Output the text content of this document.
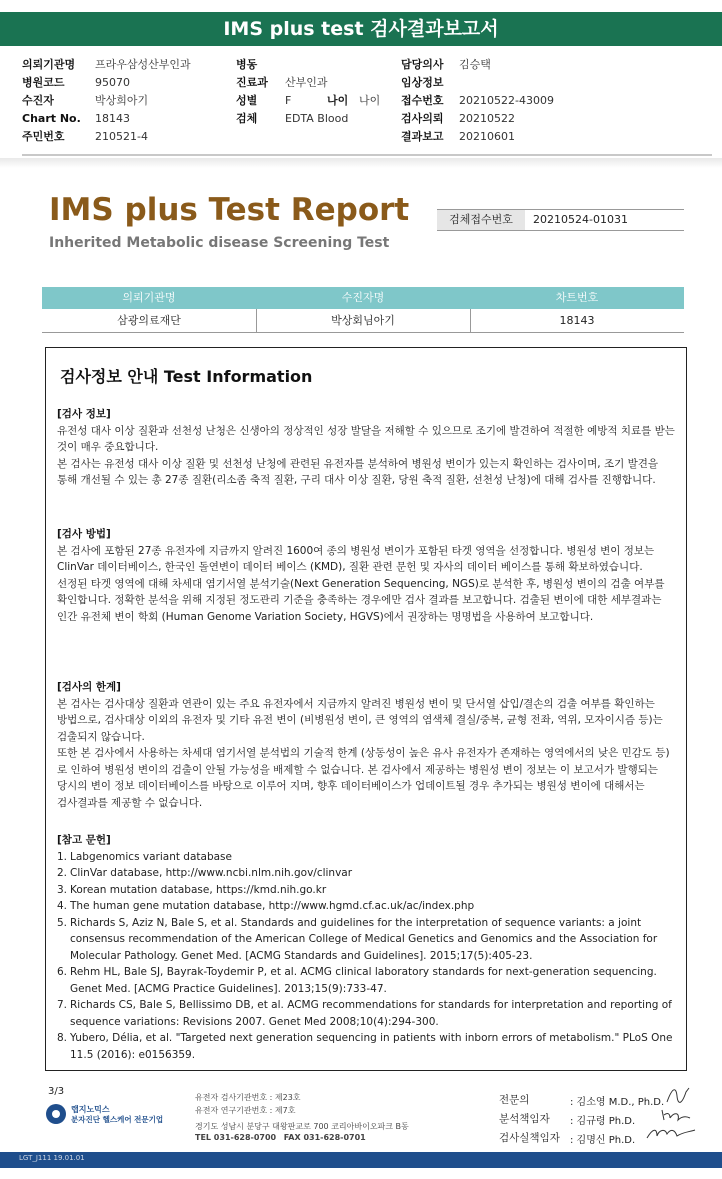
IMS plus test 검사결과보고서
의뢰기관명 프라우삼성산부인과	병동	담당의사 김승택
병원코드	95070	진료과 산부인과	임상정보
수진자	박상희아기	성별	F	나이 나이 접수번호 20210522-43009
Chart No. 18143	검체	EDTA Blood	검사의뢰 20210522
주민번호	210521-4	결과보고 20210601
IMS plus Test Report
Inherited Metabolic disease Screening Test
검체접수번호	20210524-01031
의뢰기관명	수진자명	차트번호
삼광의료재단	박상회님아기	18143
검사정보 안내 Test Information
[검사 정보]

유전성 대사 이상 질환과 선천성 난청은 신생아의 정상적인 성장 발달을 저해할 수 있으므로 조기에 발견하여 적절한 예방적 치료를 받는 것이 매우 중요합니다.
본 검사는 유전성 대사 이상 질환 및 선천성 난청에 관련된 유전자를 분석하여 병원성 변이가 있는지 확인하는 검사이며, 조기 발견을 통해 개선될 수 있는 총 27종 질환(리소좀 축적 질환, 구리 대사 이상 질환, 당원 축적 질환, 선천성 난청)에 대해 검사를 진행합니다.

[검사 방법]

본 검사에 포함된 27종 유전자에 지금까지 알려진 1600여 종의 병원성 변이가 포함된 타겟 영역을 선정합니다. 병원성 변이 정보는 ClinVar 데이터베이스, 한국인 돌연변이 데이터 베이스 (KMD), 질환 관련 문헌 및 자사의 데이터 베이스를 통해 확보하였습니다.
선정된 타겟 영역에 대해 차세대 염기서열 분석기술(Next Generation Sequencing, NGS)로 분석한 후, 병원성 변이의 검출 여부를 확인합니다. 정확한 분석을 위해 지정된 정도관리 기준을 충족하는 경우에만 검사 결과를 보고합니다. 검출된 변이에 대한 세부결과는 인간 유전체 변이 학회 (Human Genome Variation Society, HGVS)에서 권장하는 명명법을 사용하여 보고합니다.

[검사의 한계]

본 검사는 검사대상 질환과 연관이 있는 주요 유전자에서 지금까지 알려진 병원성 변이 및 단서열 삽입/결손의 검출 여부를 확인하는 방법으로, 검사대상 이외의 유전자 및 기타 유전 변이 (비병원성 변이, 큰 영역의 염색체 결실/중복, 균형 전좌, 역위, 모자이시즘 등)는 검출되지 않습니다.
또한 본 검사에서 사용하는 차세대 염기서열 분석법의 기술적 한계 (상동성이 높은 유사 유전자가 존재하는 영역에서의 낮은 민감도 등)로 인하여 병원성 변이의 검출이 안될 가능성을 배제할 수 없습니다. 본 검사에서 제공하는 병원성 변이 정보는 이 보고서가 발행되는 당시의 변이 정보 데이터베이스를 바탕으로 이루어 지며, 향후 데이터베이스가 업데이트될 경우 추가되는 병원성 변이에 대해서는 검사결과를 제공할 수 없습니다.

[참고 문헌]
1. Labgenomics variant database
2. ClinVar database, http://www.ncbi.nlm.nih.gov/clinvar
3. Korean mutation database, https://kmd.nih.go.kr
4. The human gene mutation database, http://www.hgmd.cf.ac.uk/ac/index.php
5. Richards S, Aziz N, Bale S, et al. Standards and guidelines for the interpretation of sequence variants: a joint consensus recommendation of the American College of Medical Genetics and Genomics and the Association for Molecular Pathology. Genet Med. [ACMG Standards and Guidelines]. 2015;17(5):405-23.
6. Rehm HL, Bale SJ, Bayrak-Toydemir P, et al. ACMG clinical laboratory standards for next-generation sequencing. Genet Med. [ACMG Practice Guidelines]. 2013;15(9):733-47.
7. Richards CS, Bale S, Bellissimo DB, et al. ACMG recommendations for standards for interpretation and reporting of sequence variations: Revisions 2007. Genet Med 2008;10(4):294-300.
8. Yubero, Délia, et al. "Targeted next generation sequencing in patients with inborn errors of metabolism." PLoS One 11.5 (2016): e0156359.
3/3
랩지노믹스
분자진단 헬스케어 전문기업
유전자 검사기관번호 : 제23호
유전자 연구기관번호 : 제7호
경기도 성남시 분당구 대왕판교로 700 코리아바이오파크 B동
TEL 031-628-0700 FAX 031-628-0701
전문의	: 김소영 M.D., Ph.D.
분석책임자 : 김규령 Ph.D.
검사실책임자 : 김명신 Ph.D.
LGT_J111 19.01.01
